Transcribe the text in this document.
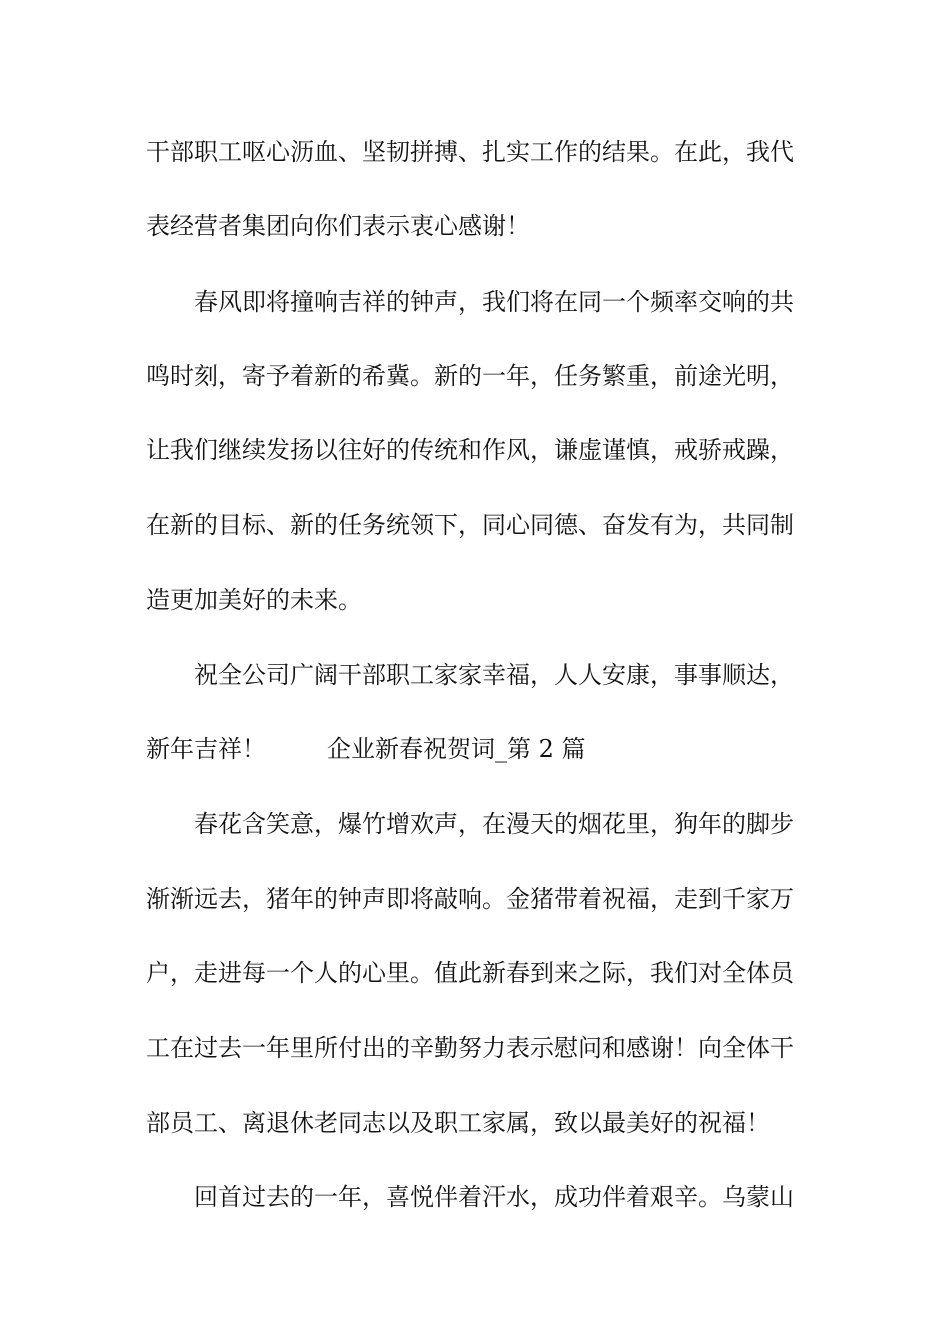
干部职工呕心沥血、坚韧拼搏、扎实工作的结果。在此，我代
表经营者集团向你们表示衷心感谢！
春风即将撞响吉祥的钟声，我们将在同一个频率交响的共
鸣时刻，寄予着新的希冀。新的一年，任务繁重，前途光明，
让我们继续发扬以往好的传统和作风，谦虚谨慎，戒骄戒躁，
在新的目标、新的任务统领下，同心同德、奋发有为，共同制
造更加美好的未来。
祝全公司广阔干部职工家家幸福，人人安康，事事顺达，
新年吉祥！        企业新春祝贺词_第 2 篇
春花含笑意，爆竹增欢声，在漫天的烟花里，狗年的脚步
渐渐远去，猪年的钟声即将敲响。金猪带着祝福，走到千家万
户，走进每一个人的心里。值此新春到来之际，我们对全体员
工在过去一年里所付出的辛勤努力表示慰问和感谢！向全体干
部员工、离退休老同志以及职工家属，致以最美好的祝福！
回首过去的一年，喜悦伴着汗水，成功伴着艰辛。乌蒙山
